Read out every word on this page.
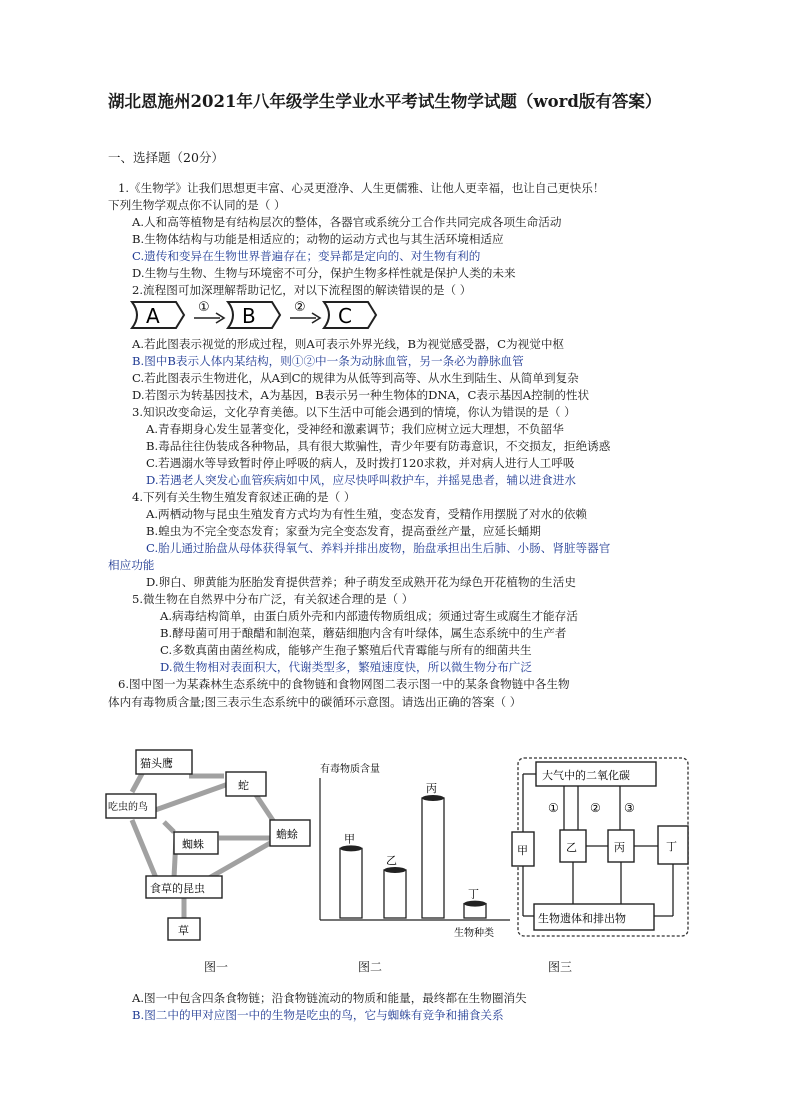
湖北恩施州2021年八年级学生学业水平考试生物学试题（word版有答案）
一、选择题（20分）
1.《生物学》让我们思想更丰富、心灵更澄净、人生更儒雅、让他人更幸福，也让自己更快乐！
下列生物学观点你不认同的是（ ）
A.人和高等植物是有结构层次的整体，各器官或系统分工合作共同完成各项生命活动
B.生物体结构与功能是相适应的；动物的运动方式也与其生活环境相适应
C.遗传和变异在生物世界普遍存在；变异都是定向的、对生物有利的
D.生物与生物、生物与环境密不可分，保护生物多样性就是保护人类的未来
2.流程图可加深理解帮助记忆，对以下流程图的解读错误的是（ ）
A.若此图表示视觉的形成过程，则A可表示外界光线，B为视觉感受器，C为视觉中枢
B.图中B表示人体内某结构，则①②中一条为动脉血管，另一条必为静脉血管
C.若此图表示生物进化，从A到C的规律为从低等到高等、从水生到陆生、从简单到复杂
D.若图示为转基因技术，A为基因，B表示另一种生物体的DNA，C表示基因A控制的性状
3.知识改变命运，文化孕育美德。以下生活中可能会遇到的情境，你认为错误的是（ ）
A.青春期身心发生显著变化，受神经和激素调节；我们应树立远大理想，不负韶华
B.毒品往往伪装成各种物品，具有很大欺骗性，青少年要有防毒意识，不交损友，拒绝诱惑
C.若遇溺水等导致暂时停止呼吸的病人，及时拨打120求救，并对病人进行人工呼吸
D.若遇老人突发心血管疾病如中风，应尽快呼叫救护车，并摇晃患者，辅以进食进水
4.下列有关生物生殖发育叙述正确的是（ ）
A.两栖动物与昆虫生殖发育方式均为有性生殖，变态发育，受精作用摆脱了对水的依赖
B.蝗虫为不完全变态发育；家蚕为完全变态发育，提高蚕丝产量，应延长蛹期
C.胎儿通过胎盘从母体获得氧气、养料并排出废物，胎盘承担出生后肺、小肠、肾脏等器官
相应功能
D.卵白、卵黄能为胚胎发育提供营养；种子萌发至成熟开花为绿色开花植物的生活史
5.微生物在自然界中分布广泛，有关叙述合理的是（ ）
A.病毒结构简单，由蛋白质外壳和内部遗传物质组成；须通过寄生或腐生才能存活
B.酵母菌可用于酿醋和制泡菜，蘑菇细胞内含有叶绿体，属生态系统中的生产者
C.多数真菌由菌丝构成，能够产生孢子繁殖后代青霉能与所有的细菌共生
D.微生物相对表面积大，代谢类型多，繁殖速度快，所以微生物分布广泛
6.图中图一为某森林生态系统中的食物链和食物网图二表示图一中的某条食物链中各生物
体内有毒物质含量;图三表示生态系统中的碳循环示意图。请选出正确的答案（ ）
A.图一中包含四条食物链；沿食物链流动的物质和能量，最终都在生物圈消失
B.图二中的甲对应图一中的生物是吃虫的鸟，它与蜘蛛有竞争和捕食关系
A	① B	② C
猫头鹰
蛇
吃虫的鸟
蜘蛛
蟾蜍
食草的昆虫
草
有毒物质含量
生物种类
甲
乙
丙
丁
大气中的二氧化碳
甲	乙	丙	丁
生物遗体和排出物
①	② ③
图一	图二	图三
